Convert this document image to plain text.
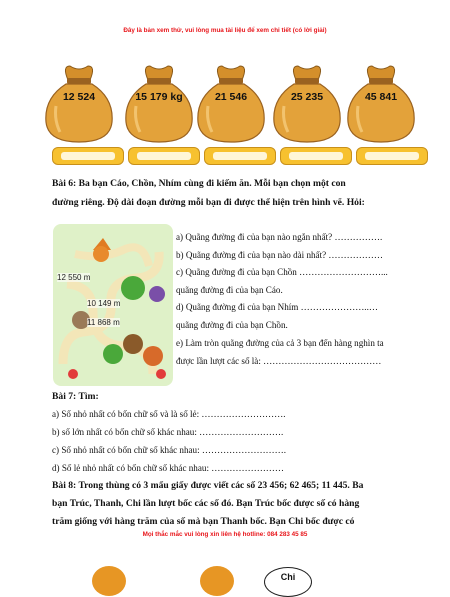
Đây là bản xem thử, vui lòng mua tài liệu để xem chi tiết (có lời giải)
12 524	15 179 kg	21 546	25 235	45 841
Bài 6: Ba bạn Cáo, Chồn, Nhím cùng đi kiếm ăn. Mỗi bạn chọn một con
đường riêng. Độ dài đoạn đường mỗi bạn đi được thể hiện trên hình vẽ. Hỏi:
12 550 m
10 149 m
11 868 m
a) Quãng đường đi của bạn nào ngắn nhất? …………….
b) Quãng đường đi của bạn nào dài nhất? ………………
c) Quãng đường đi của bạn Chồn ………………………...
quãng đường đi của bạn Cáo.
d) Quãng đường đi của bạn Nhím …………………..…
quãng đường đi của bạn Chồn.
e) Làm tròn quãng đường của cả 3 bạn đến hàng nghìn ta
được lần lượt các số là: …………………………………
Bài 7: Tìm:
a) Số nhỏ nhất có bốn chữ số và là số lẻ: ……………………….
b) số lớn nhất có bốn chữ số khác nhau: ……………………….
c) Số nhỏ nhất có bốn chữ số khác nhau: ……………………….
d) Số lẻ nhỏ nhất có bốn chữ số khác nhau: ……………………
Bài 8: Trong thùng có 3 mẩu giấy được viết các số 23 456; 62 465; 11 445. Ba
bạn Trúc, Thanh, Chi lần lượt bốc các số đó. Bạn Trúc bốc được số có hàng
trăm giống với hàng trăm của số mà bạn Thanh bốc. Bạn Chi bốc được có
Mọi thắc mắc vui lòng xin liên hệ hotline: 084 283 45 85
Chi
